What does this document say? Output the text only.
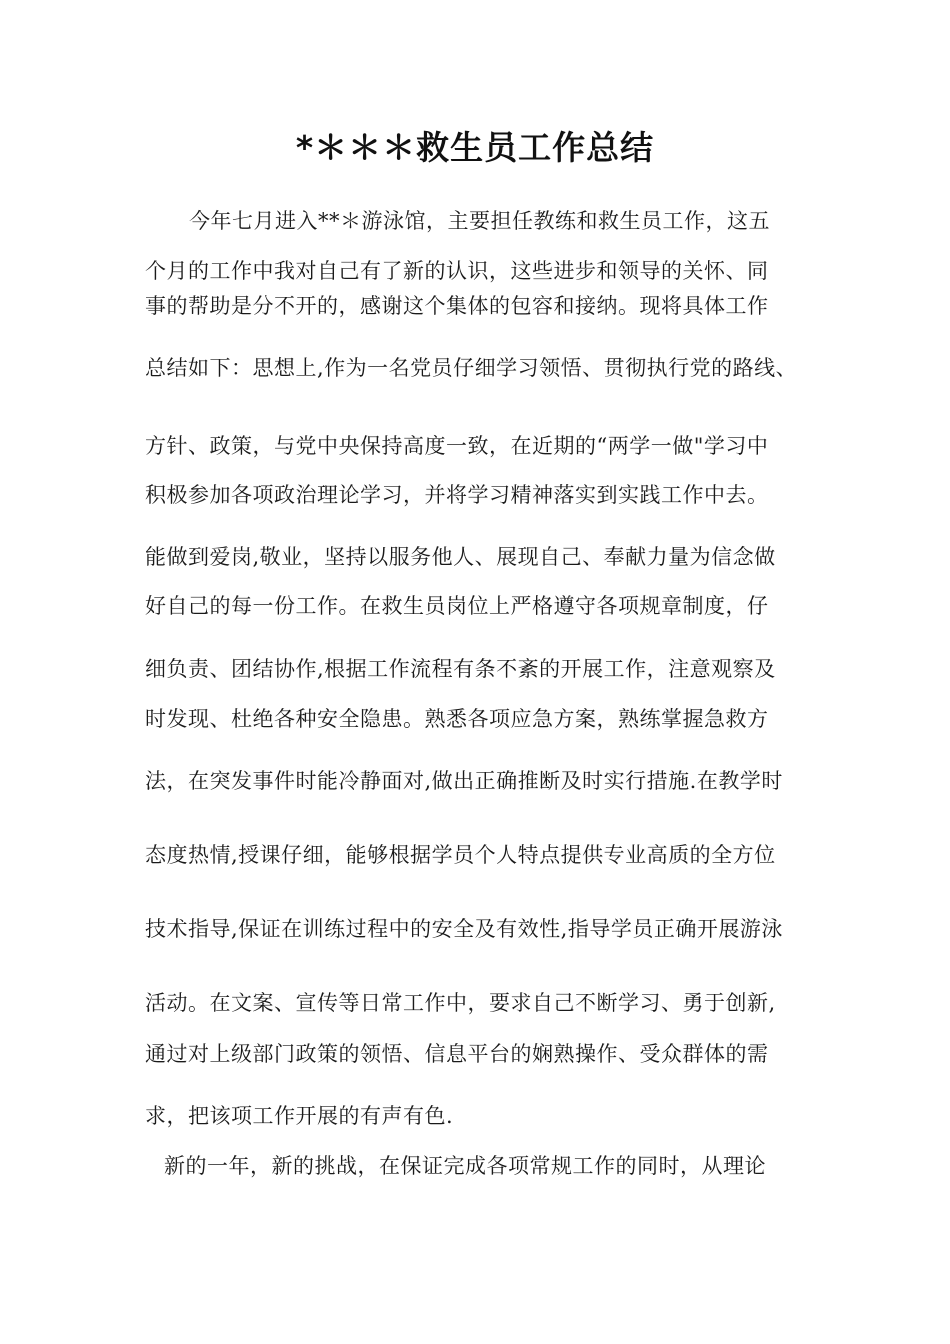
*＊＊＊救生员工作总结
今年七月进入**＊游泳馆，主要担任教练和救生员工作，这五
个月的工作中我对自己有了新的认识，这些进步和领导的关怀、同
事的帮助是分不开的，感谢这个集体的包容和接纳。现将具体工作
总结如下：思想上,作为一名党员仔细学习领悟、贯彻执行党的路线、
方针、政策，与党中央保持高度一致，在近期的“两学一做"学习中
积极参加各项政治理论学习，并将学习精神落实到实践工作中去。
能做到爱岗,敬业，坚持以服务他人、展现自己、奉献力量为信念做
好自己的每一份工作。在救生员岗位上严格遵守各项规章制度，仔
细负责、团结协作,根据工作流程有条不紊的开展工作，注意观察及
时发现、杜绝各种安全隐患。熟悉各项应急方案，熟练掌握急救方
法，在突发事件时能冷静面对,做出正确推断及时实行措施.在教学时
态度热情,授课仔细，能够根据学员个人特点提供专业高质的全方位
技术指导,保证在训练过程中的安全及有效性,指导学员正确开展游泳
活动。在文案、宣传等日常工作中，要求自己不断学习、勇于创新,
通过对上级部门政策的领悟、信息平台的娴熟操作、受众群体的需
求，把该项工作开展的有声有色.
新的一年，新的挑战，在保证完成各项常规工作的同时，从理论
